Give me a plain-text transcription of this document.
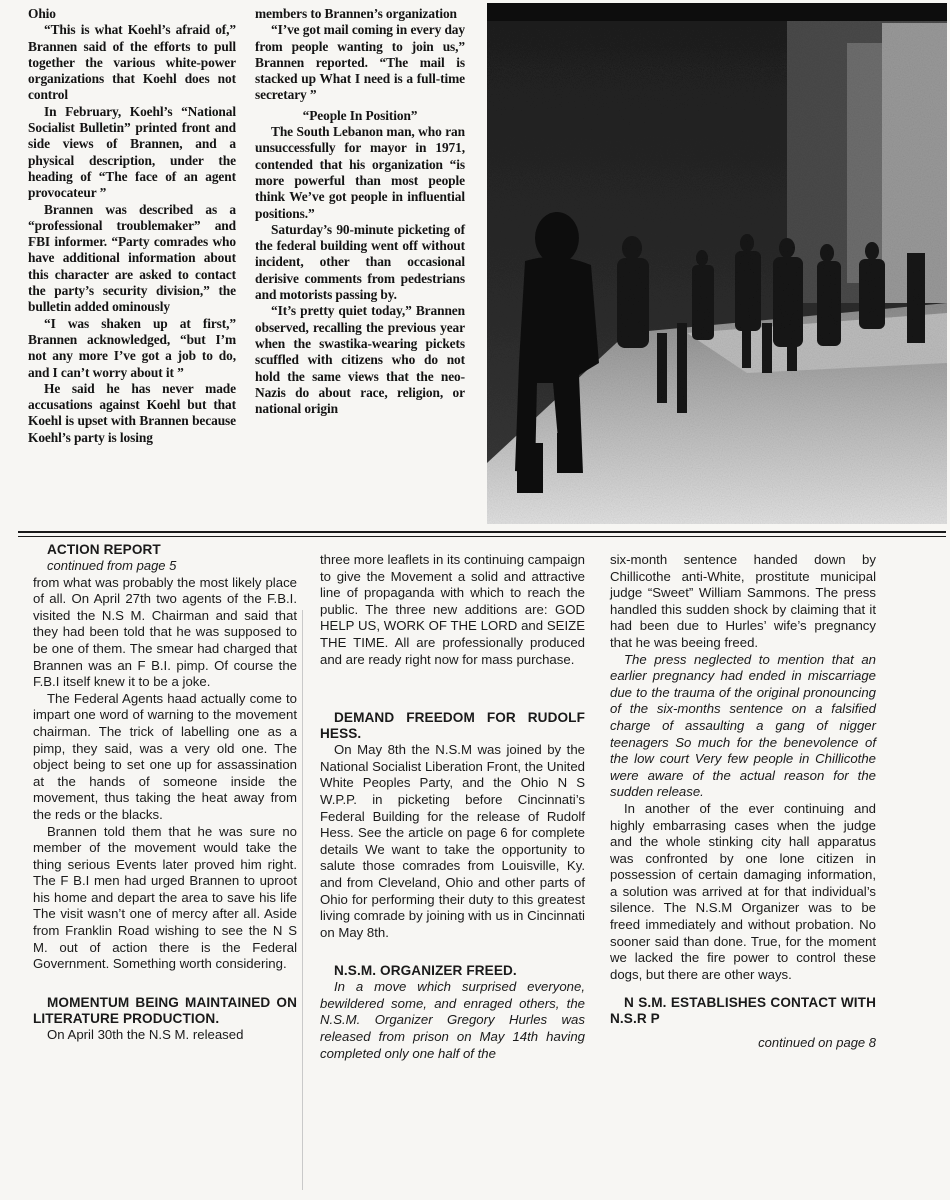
Ohio

“This is what Koehl’s afraid of,” Brannen said of the efforts to pull together the various white-power organizations that Koehl does not control

In February, Koehl’s “National Socialist Bulletin” printed front and side views of Brannen, and a physical description, under the heading of “The face of an agent provocateur ”

Brannen was described as a “professional troublemaker” and FBI informer. “Party comrades who have additional information about this character are asked to contact the party’s security division,” the bulletin added ominously

“I was shaken up at first,” Brannen acknowledged, “but I’m not any more I’ve got a job to do, and I can’t worry about it ”

He said he has never made accusations against Koehl but that Koehl is upset with Brannen because Koehl’s party is losing

members to Brannen’s organization

“I’ve got mail coming in every day from people wanting to join us,” Brannen reported. “The mail is stacked up What I need is a full-time secretary ”

“People In Position”

The South Lebanon man, who ran unsuccessfully for mayor in 1971, contended that his organization “is more powerful than most people think We’ve got people in influential positions.”

Saturday’s 90-minute picketing of the federal building went off without incident, other than occasional derisive comments from pedestrians and motorists passing by.

“It’s pretty quiet today,” Brannen observed, recalling the previous year when the swastika-wearing pickets scuffled with citizens who do not hold the same views that the neo-Nazis do about race, religion, or national origin

ACTION REPORT

continued from page 5

from what was probably the most likely place of all. On April 27th two agents of the F.B.I. visited the N.S M. Chairman and said that they had been told that he was supposed to be one of them. The smear had charged that Brannen was an F B.I. pimp. Of course the F.B.I itself knew it to be a joke.

The Federal Agents haad actually come to impart one word of warning to the movement chairman. The trick of labelling one as a pimp, they said, was a very old one. The object being to set one up for assassination at the hands of someone inside the movement, thus taking the heat away from the reds or the blacks.

Brannen told them that he was sure no member of the movement would take the thing serious Events later proved him right. The F B.I men had urged Brannen to uproot his home and depart the area to save his life The visit wasn’t one of mercy after all. Aside from Franklin Road wishing to see the N S M. out of action there is the Federal Government. Something worth considering.

MOMENTUM BEING MAINTAINED ON LITERATURE PRODUCTION.

On April 30th the N.S M. released

three more leaflets in its continuing campaign to give the Movement a solid and attractive line of propaganda with which to reach the public. The three new additions are: GOD HELP US, WORK OF THE LORD and SEIZE THE TIME. All are professionally produced and are ready right now for mass purchase.

DEMAND FREEDOM FOR RUDOLF HESS.

On May 8th the N.S.M was joined by the National Socialist Liberation Front, the United White Peoples Party, and the Ohio N S W.P.P. in picketing before Cincinnati’s Federal Building for the release of Rudolf Hess. See the article on page 6 for complete details We want to take the opportunity to salute those comrades from Louisville, Ky. and from Cleveland, Ohio and other parts of Ohio for performing their duty to this greatest living comrade by joining with us in Cincinnati on May 8th.

N.S.M. ORGANIZER FREED.

In a move which surprised everyone, bewildered some, and enraged others, the N.S.M. Organizer Gregory Hurles was released from prison on May 14th having completed only one half of the

six-month sentence handed down by Chillicothe anti-White, prostitute municipal judge “Sweet” William Sammons. The press handled this sudden shock by claiming that it had been due to Hurles’ wife’s pregnancy that he was beeing freed.

The press neglected to mention that an earlier pregnancy had ended in miscarriage due to the trauma of the original pronouncing of the six-months sentence on a falsified charge of assaulting a gang of nigger teenagers So much for the benevolence of the low court Very few people in Chillicothe were aware of the actual reason for the sudden release.

In another of the ever continuing and highly embarrasing cases when the judge and the whole stinking city hall apparatus was confronted by one lone citizen in possession of certain damaging information, a solution was arrived at for that individual’s silence. The N.S.M Organizer was to be freed immediately and without probation. No sooner said than done. True, for the moment we lacked the fire power to control these dogs, but there are other ways.

N S.M. ESTABLISHES CONTACT WITH N.S.R P

continued on page 8
